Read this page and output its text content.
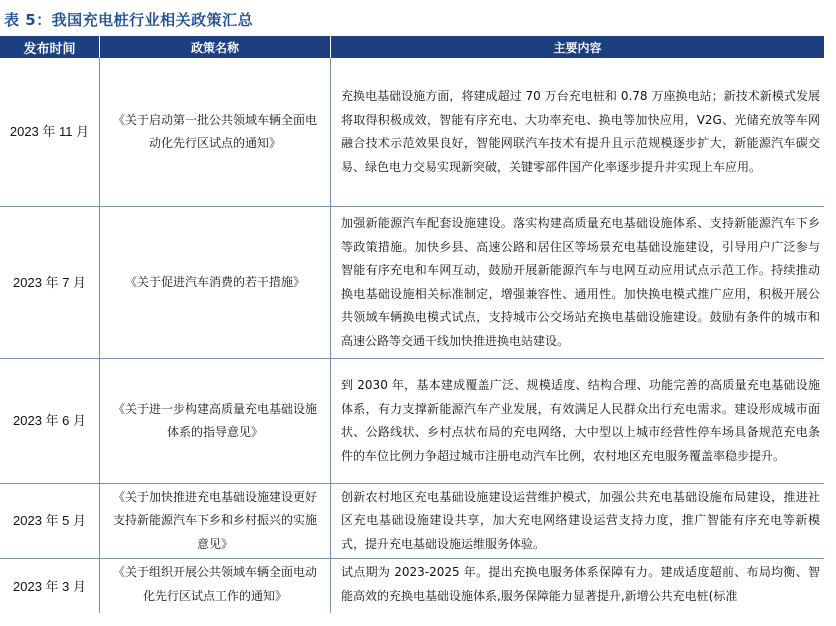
表 5：我国充电桩行业相关政策汇总
发布时间	政策名称	主要内容
2023 年 11 月	《关于启动第一批公共领域车辆全面电动化先行区试点的通知》	充换电基础设施方面，将建成超过 70 万台充电桩和 0.78 万座换电站；新技术新模式发展将取得积极成效，智能有序充电、大功率充电、换电等加快应用，V2G、光储充放等车网融合技术示范效果良好，智能网联汽车技术有提升且示范规模逐步扩大，新能源汽车碳交易、绿色电力交易实现新突破，关键零部件国产化率逐步提升并实现上车应用。

2023 年 7 月	《关于促进汽车消费的若干措施》	加强新能源汽车配套设施建设。落实构建高质量充电基础设施体系、支持新能源汽车下乡等政策措施。加快乡县、高速公路和居住区等场景充电基础设施建设，引导用户广泛参与智能有序充电和车网互动，鼓励开展新能源汽车与电网互动应用试点示范工作。持续推动换电基础设施相关标准制定，增强兼容性、通用性。加快换电模式推广应用，积极开展公共领域车辆换电模式试点，支持城市公交场站充换电基础设施建设。鼓励有条件的城市和高速公路等交通干线加快推进换电站建设。

2023 年 6 月	《关于进一步构建高质量充电基础设施体系的指导意见》	到 2030 年，基本建成覆盖广泛、规模适度、结构合理、功能完善的高质量充电基础设施体系，有力支撑新能源汽车产业发展，有效满足人民群众出行充电需求。建设形成城市面状、公路线状、乡村点状布局的充电网络，大中型以上城市经营性停车场具备规范充电条件的车位比例力争超过城市注册电动汽车比例，农村地区充电服务覆盖率稳步提升。

2023 年 5 月	《关于加快推进充电基础设施建设更好支持新能源汽车下乡和乡村振兴的实施意见》	创新农村地区充电基础设施建设运营维护模式，加强公共充电基础设施布局建设，推进社区充电基础设施建设共享，加大充电网络建设运营支持力度，推广智能有序充电等新模式，提升充电基础设施运维服务体验。

2023 年 3 月	《关于组织开展公共领域车辆全面电动化先行区试点工作的通知》	试点期为 2023-2025 年。提出充换电服务体系保障有力。建成适度超前、布局均衡、智能高效的充换电基础设施体系,服务保障能力显著提升,新增公共充电桩(标准
